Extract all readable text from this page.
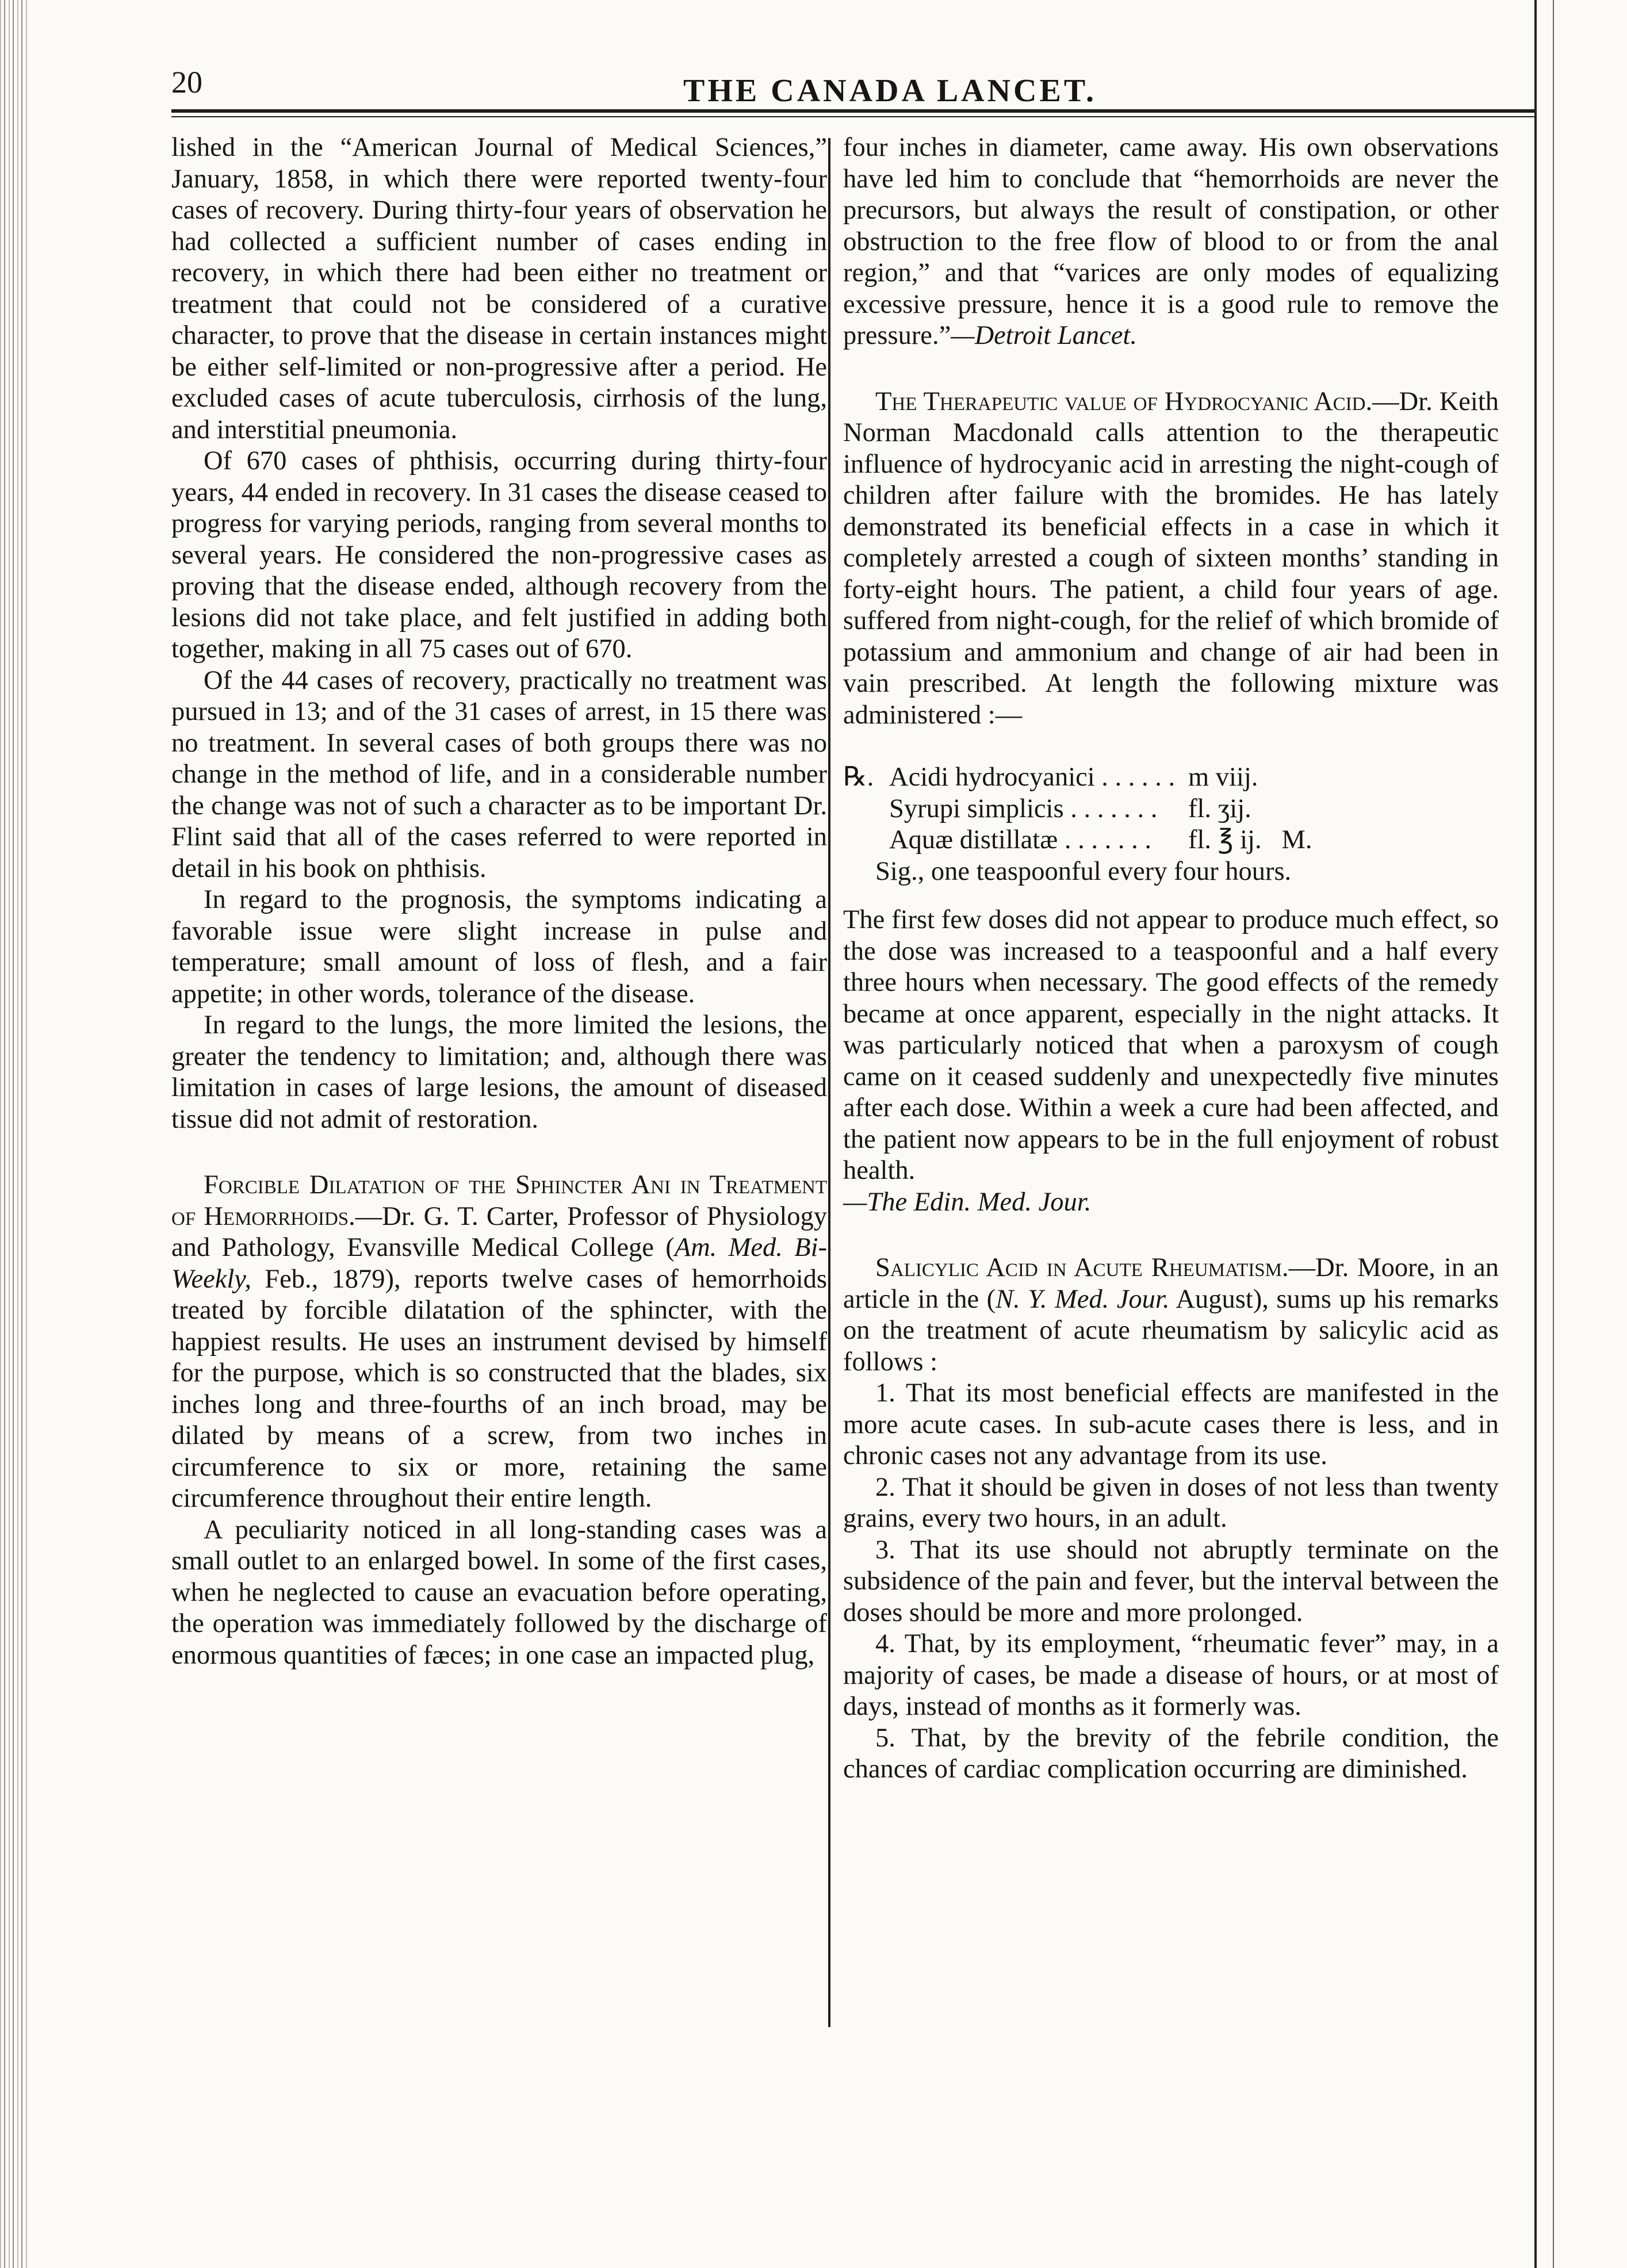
20	THE CANADA LANCET.

lished in the “American Journal of Medical Sciences,” January, 1858, in which there were reported twenty-four cases of recovery. During thirty-four years of observation he had collected a sufficient number of cases ending in recovery, in which there had been either no treatment or treatment that could not be considered of a curative character, to prove that the disease in certain instances might be either self-limited or non-progressive after a period. He excluded cases of acute tuberculosis, cirrhosis of the lung, and interstitial pneumonia.

Of 670 cases of phthisis, occurring during thirty-four years, 44 ended in recovery. In 31 cases the disease ceased to progress for varying periods, ranging from several months to several years. He considered the non-progressive cases as proving that the disease ended, although recovery from the lesions did not take place, and felt justified in adding both together, making in all 75 cases out of 670.

Of the 44 cases of recovery, practically no treatment was pursued in 13; and of the 31 cases of arrest, in 15 there was no treatment. In several cases of both groups there was no change in the method of life, and in a considerable number the change was not of such a character as to be important Dr. Flint said that all of the cases referred to were reported in detail in his book on phthisis.

In regard to the prognosis, the symptoms indicating a favorable issue were slight increase in pulse and temperature; small amount of loss of flesh, and a fair appetite; in other words, tolerance of the disease.

In regard to the lungs, the more limited the lesions, the greater the tendency to limitation; and, although there was limitation in cases of large lesions, the amount of diseased tissue did not admit of restoration.

Forcible Dilatation of the Sphincter Ani in Treatment of Hemorrhoids.—Dr. G. T. Carter, Professor of Physiology and Pathology, Evansville Medical College (Am. Med. Bi-Weekly, Feb., 1879), reports twelve cases of hemorrhoids treated by forcible dilatation of the sphincter, with the happiest results. He uses an instrument devised by himself for the purpose, which is so constructed that the blades, six inches long and three-fourths of an inch broad, may be dilated by means of a screw, from two inches in circumference to six or more, retaining the same circumference throughout their entire length.

A peculiarity noticed in all long-standing cases was a small outlet to an enlarged bowel. In some of the first cases, when he neglected to cause an evacuation before operating, the operation was immediately followed by the discharge of enormous quantities of fæces; in one case an impacted plug,

four inches in diameter, came away. His own observations have led him to conclude that “hemorrhoids are never the precursors, but always the result of constipation, or other obstruction to the free flow of blood to or from the anal region,” and that “varices are only modes of equalizing excessive pressure, hence it is a good rule to remove the pressure.”—Detroit Lancet.

The Therapeutic value of Hydrocyanic Acid.—Dr. Keith Norman Macdonald calls attention to the therapeutic influence of hydrocyanic acid in arresting the night-cough of children after failure with the bromides. He has lately demonstrated its beneficial effects in a case in which it completely arrested a cough of sixteen months’ standing in forty-eight hours. The patient, a child four years of age. suffered from night-cough, for the relief of which bromide of potassium and ammonium and change of air had been in vain prescribed. At length the following mixture was administered :—

℞. Acidi hydrocyanici . . . . . . m viij.
Syrupi simplicis . . . . . . .	fl. ʒij.
Aquæ distillatæ . . . . . . .	fl. ℥ ij.   M.
Sig., one teaspoonful every four hours.

The first few doses did not appear to produce much effect, so the dose was increased to a teaspoonful and a half every three hours when necessary. The good effects of the remedy became at once apparent, especially in the night attacks. It was particularly noticed that when a paroxysm of cough came on it ceased suddenly and unexpectedly five minutes after each dose. Within a week a cure had been affected, and the patient now appears to be in the full enjoyment of robust health.
—The Edin. Med. Jour.

Salicylic Acid in Acute Rheumatism.—Dr. Moore, in an article in the (N. Y. Med. Jour. August), sums up his remarks on the treatment of acute rheumatism by salicylic acid as follows :

1. That its most beneficial effects are manifested in the more acute cases. In sub-acute cases there is less, and in chronic cases not any advantage from its use.

2. That it should be given in doses of not less than twenty grains, every two hours, in an adult.

3. That its use should not abruptly terminate on the subsidence of the pain and fever, but the interval between the doses should be more and more prolonged.

4. That, by its employment, “rheumatic fever” may, in a majority of cases, be made a disease of hours, or at most of days, instead of months as it formerly was.

5. That, by the brevity of the febrile condition, the chances of cardiac complication occurring are diminished.
